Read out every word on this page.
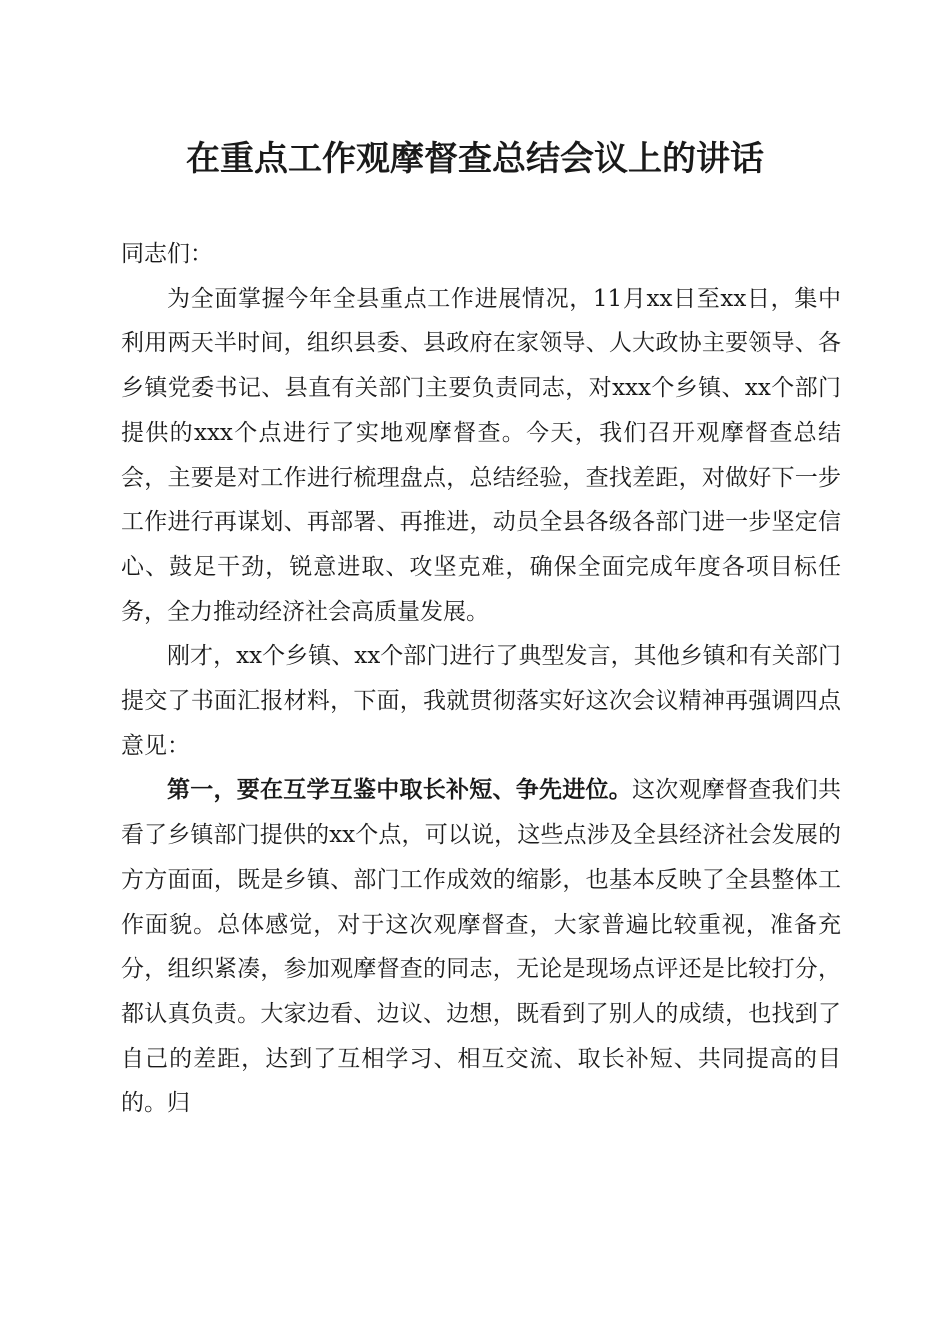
在重点工作观摩督查总结会议上的讲话

同志们：

为全面掌握今年全县重点工作进展情况，11月xx日至xx日，集中利用两天半时间，组织县委、县政府在家领导、人大政协主要领导、各乡镇党委书记、县直有关部门主要负责同志，对xxx个乡镇、xx个部门提供的xxx个点进行了实地观摩督查。今天，我们召开观摩督查总结会，主要是对工作进行梳理盘点，总结经验，查找差距，对做好下一步工作进行再谋划、再部署、再推进，动员全县各级各部门进一步坚定信心、鼓足干劲，锐意进取、攻坚克难，确保全面完成年度各项目标任务，全力推动经济社会高质量发展。

刚才，xx个乡镇、xx个部门进行了典型发言，其他乡镇和有关部门提交了书面汇报材料，下面，我就贯彻落实好这次会议精神再强调四点意见：

第一，要在互学互鉴中取长补短、争先进位。这次观摩督查我们共看了乡镇部门提供的xx个点，可以说，这些点涉及全县经济社会发展的方方面面，既是乡镇、部门工作成效的缩影，也基本反映了全县整体工作面貌。总体感觉，对于这次观摩督查，大家普遍比较重视，准备充分，组织紧凑，参加观摩督查的同志，无论是现场点评还是比较打分，都认真负责。大家边看、边议、边想，既看到了别人的成绩，也找到了自己的差距，达到了互相学习、相互交流、取长补短、共同提高的目的。归
